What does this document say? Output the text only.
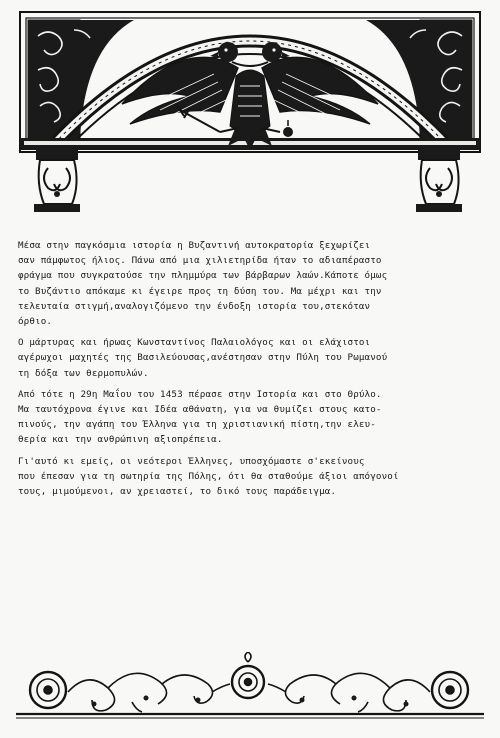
Μέσα στην παγκόσμια ιστορία η Βυζαντινή αυτοκρατορία ξεχωρίζει
σαν πάμφωτος ήλιος. Πάνω από μια χιλιετηρίδα ήταν το αδιαπέραστο
φράγμα που συγκρατούσε την πλημμύρα των βάρβαρων λαών.Κάποτε όμως
το Βυζάντιο απόκαμε κι έγειρε προς τη δύση του. Μα μέχρι και την
τελευταία στιγμή,αναλογιζόμενο την ένδοξη ιστορία του,στεκόταν
όρθιο.

Ο μάρτυρας και ήρωας Κωνσταντίνος Παλαιολόγος και οι ελάχιστοι
αγέρωχοι μαχητές της Βασιλεύουσας,ανέστησαν στην Πύλη του Ρωμανού
τη δόξα των θερμοπυλών.

Από τότε η 29η Μαΐου του 1453 πέρασε στην Ιστορία και στο Θρύλο.
Μα ταυτόχρονα έγινε και Ιδέα αθάνατη, για να θυμίζει στους κατο-
πινούς, την αγάπη του Έλληνα για τη χριστιανική πίστη,την ελευ-
θερία και την ανθρώπινη αξιοπρέπεια.

Γι'αυτό κι εμείς, οι νεότεροι Έλληνες, υποσχόμαστε σ'εκείνους
που έπεσαν για τη σωτηρία της Πόλης, ότι θα σταθούμε άξιοι απόγονοί
τους, μιμούμενοι, αν χρειαστεί, το δικό τους παράδειγμα.
